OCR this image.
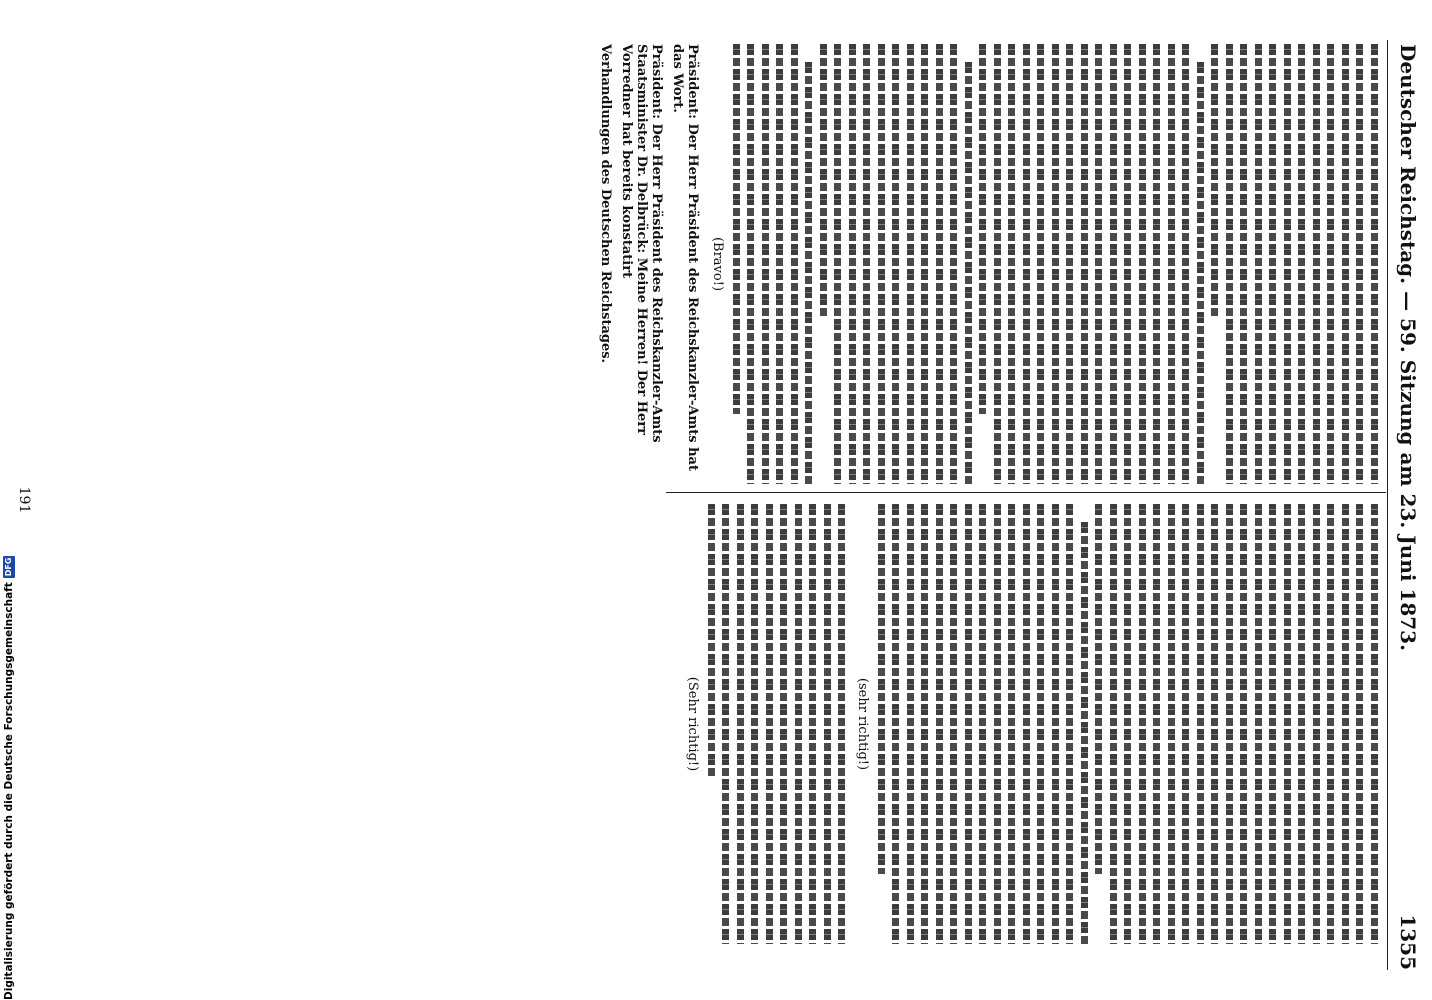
Deutscher Reichstag. — 59. Sitzung am 23. Juni 1873.
1355
(Bravo!)
Präsident: Der Herr Präsident des Reichskanzler-Amts hat das Wort.
Präsident: Der Herr Präsident des Reichskanzler-Amts Staatsminister Dr. Delbrück: Meine Herren! Der Herr Vorredner hat bereits konstatirt
Verhandlungen des Deutschen Reichstages.
(sehr richtig!)
(Sehr richtig!)
191
Digitalisierung gefördert durch die Deutsche Forschungsgemeinschaft
DFG
